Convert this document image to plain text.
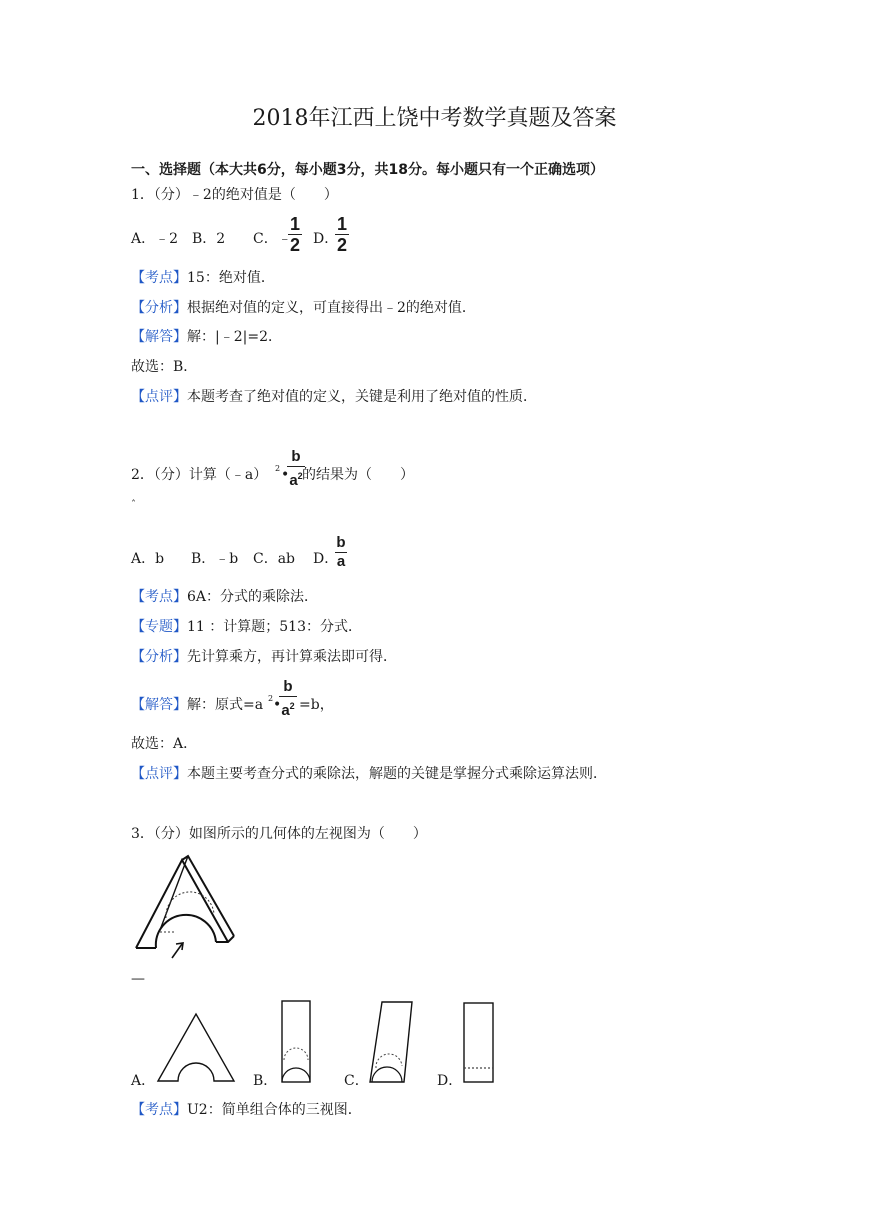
2018年江西上饶中考数学真题及答案
一、选择题（本大共6分，每小题3分，共18分。每小题只有一个正确选项）
1．（分）﹣2的绝对值是（　　）
A．﹣2 B．2 C．﹣
1
2 D．
1
2
【考点】15：绝对值．
【分析】根据绝对值的定义，可直接得出﹣2的绝对值．
【解答】解：|﹣2|=2．
故选：B．
【点评】本题考查了绝对值的定义，关键是利用了绝对值的性质．
2．（分）计算（﹣a） 2 •
b
$a^2$ 的结果为（　　）
ˆ
A．b B．﹣b C．ab D．
b
a
【考点】6A：分式的乘除法．
【专题】11 ：计算题；513：分式．
【分析】先计算乘方，再计算乘法即可得．
【解答】解：原式=a 2 •
b
$a^2 =b$，
故选：A．
【点评】本题主要考查分式的乘除法，解题的关键是掌握分式乘除运算法则．
3．（分）如图所示的几何体的左视图为（　　）
—
A．	B．	C．	D．
【考点】U2：简单组合体的三视图．
